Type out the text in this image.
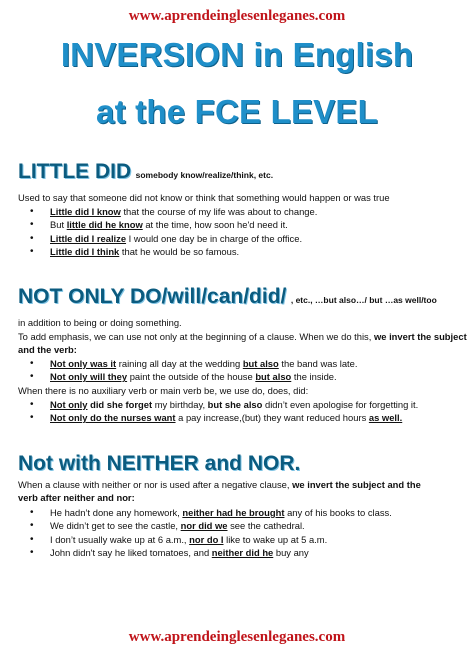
www.aprendeinglesenleganes.com
INVERSION in English
at the FCE LEVEL
LITTLE DID somebody know/realize/think, etc.
Used to say that someone did not know or think that something would happen or was true
• Little did I know that the course of my life was about to change.
• But little did he know at the time, how soon he'd need it.
• Little did I realize I would one day be in charge of the office.
• Little did I think that he would be so famous.
NOT ONLY DO/will/can/did/ , etc., …but also…/ but …as well/too
in addition to being or doing something.
To add emphasis, we can use not only at the beginning of a clause. When we do this, we invert the subject and the verb:
• Not only was it raining all day at the wedding but also the band was late.
• Not only will they paint the outside of the house but also the inside.
When there is no auxiliary verb or main verb be, we use do, does, did:
• Not only did she forget my birthday, but she also didn’t even apologise for forgetting it.
• Not only do the nurses want a pay increase,(but) they want reduced hours as well.
Not with NEITHER and NOR.
When a clause with neither or nor is used after a negative clause, we invert the subject and the
verb after neither and nor:
• He hadn’t done any homework, neither had he brought any of his books to class.
• We didn’t get to see the castle, nor did we see the cathedral.
• I don’t usually wake up at 6 a.m., nor do I like to wake up at 5 a.m.
• John didn't say he liked tomatoes, and neither did he buy any
www.aprendeinglesenleganes.com
